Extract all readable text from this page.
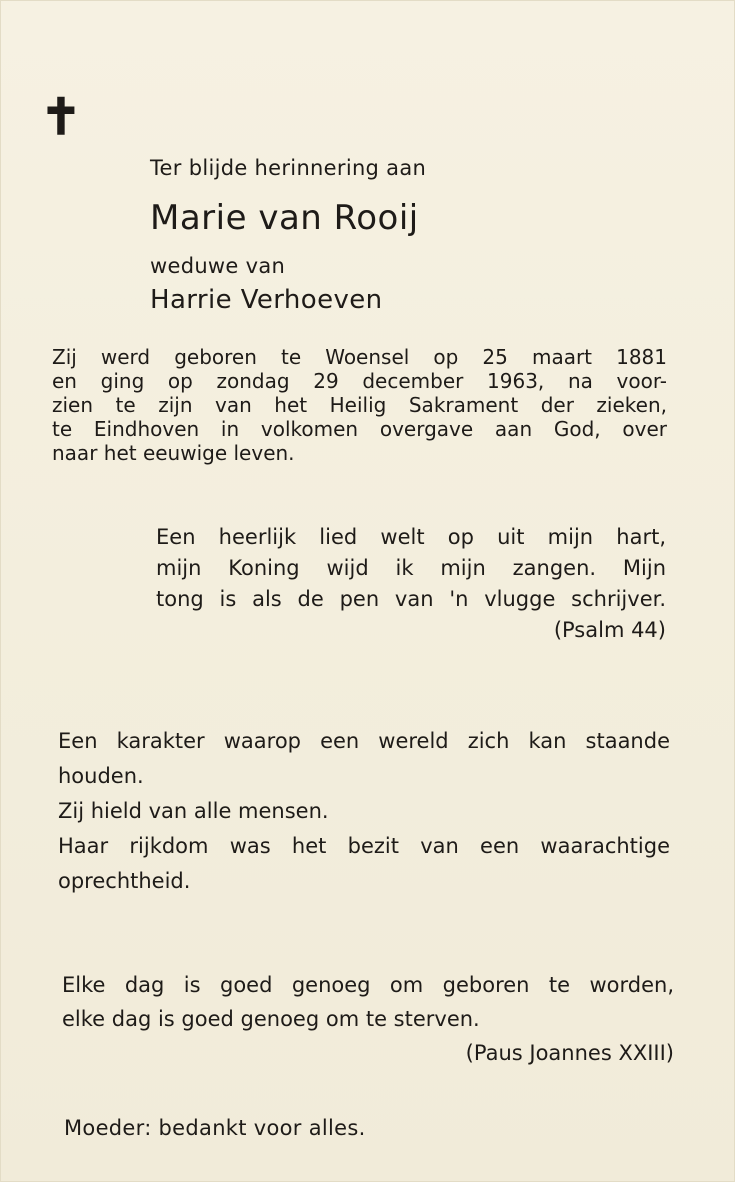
✝
Ter blijde herinnering aan
Marie van Rooij
weduwe van
Harrie Verhoeven
Zij werd geboren te Woensel op 25 maart 1881
en ging op zondag 29 december 1963, na voor-
zien te zijn van het Heilig Sakrament der zieken,
te Eindhoven in volkomen overgave aan God, over
naar het eeuwige leven.
Een heerlijk lied welt op uit mijn hart,
mijn Koning wijd ik mijn zangen. Mijn
tong is als de pen van 'n vlugge schrijver.
(Psalm 44)
Een karakter waarop een wereld zich kan staande
houden.
Zij hield van alle mensen.
Haar rijkdom was het bezit van een waarachtige
oprechtheid.
Elke dag is goed genoeg om geboren te worden,
elke dag is goed genoeg om te sterven.
(Paus Joannes XXIII)
Moeder: bedankt voor alles.
